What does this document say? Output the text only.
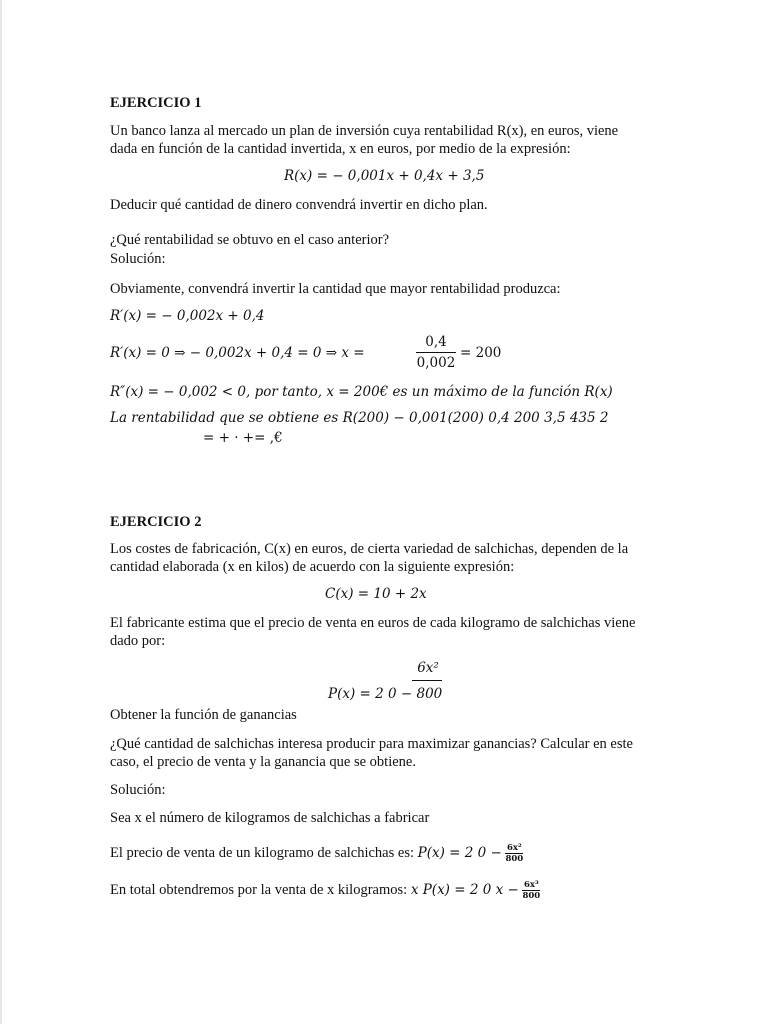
EJERCICIO 1
Un banco lanza al mercado un plan de inversión cuya rentabilidad R(x), en euros, viene
dada en función de la cantidad invertida, x en euros, por medio de la expresión:
R(x) = − 0,001x + 0,4x + 3,5
Deducir qué cantidad de dinero convendrá invertir en dicho plan.
¿Qué rentabilidad se obtuvo en el caso anterior?
Solución:
Obviamente, convendrá invertir la cantidad que mayor rentabilidad produzca:
R′(x) = − 0,002x + 0,4
R′(x) = 0 ⇒ − 0,002x + 0,4 = 0 ⇒ x =
0,4
0,002
= 200
R″(x) = − 0,002 < 0, por tanto, x = 200€ es un máximo de la función R(x)
La rentabilidad que se obtiene es R(200) − 0,001(200) 0,4 200 3,5 435 2
= + · += ,€
EJERCICIO 2
Los costes de fabricación, C(x) en euros, de cierta variedad de salchichas, dependen de la
cantidad elaborada (x en kilos) de acuerdo con la siguiente expresión:
C(x) = 10 + 2x
El fabricante estima que el precio de venta en euros de cada kilogramo de salchichas viene
dado por:
6x²
P(x) = 2 0 − 800
Obtener la función de ganancias
¿Qué cantidad de salchichas interesa producir para maximizar ganancias? Calcular en este
caso, el precio de venta y la ganancia que se obtiene.
Solución:
Sea x el número de kilogramos de salchichas a fabricar
El precio de venta de un kilogramo de salchichas es: P(x) = 2 $0 - \frac{\text{6x²}}{800}$
En total obtendremos por la venta de x kilogramos: x P(x) = 2 0 $x - \frac{\text{6x³}}{800}$
